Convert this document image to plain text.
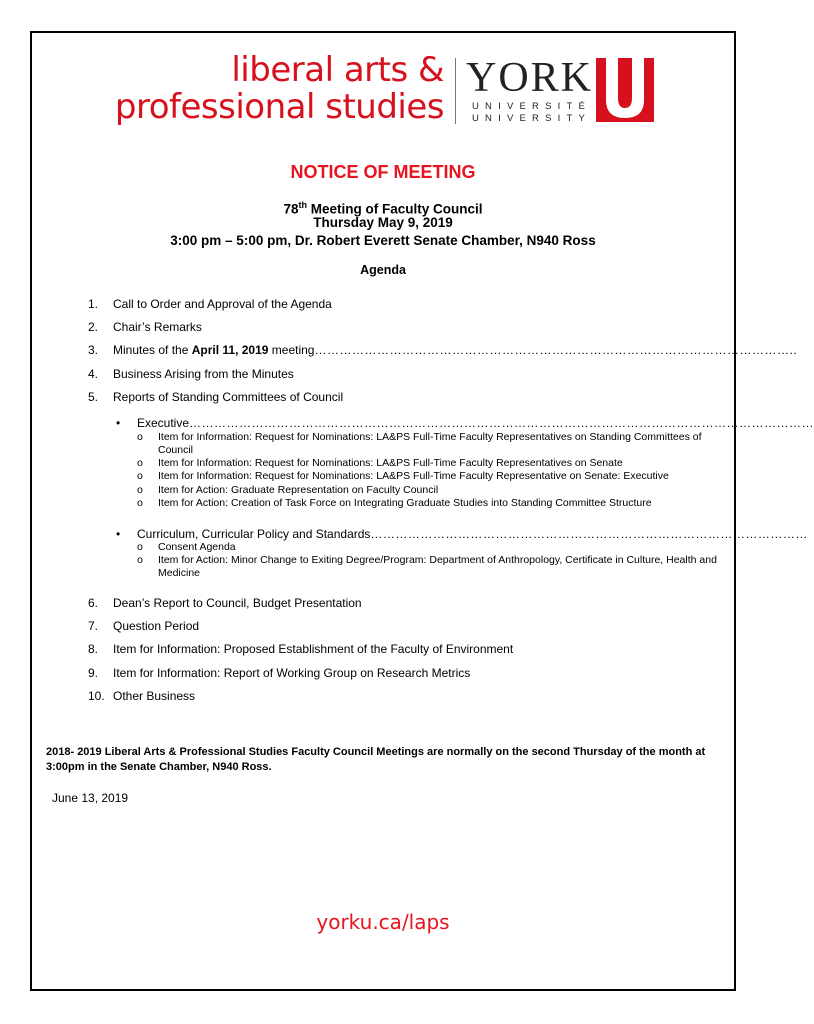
liberal arts &
professional studies
YORK
UNIVERSITÉ
UNIVERSITY
NOTICE OF MEETING
78th Meeting of Faculty Council
Thursday May 9, 2019
3:00 pm – 5:00 pm, Dr. Robert Everett Senate Chamber, N940 Ross
Agenda
1. Call to Order and Approval of the Agenda
2. Chair’s Remarks
3. Minutes of the April 11, 2019 meeting……………………………………………………………………………………………………..
4. Business Arising from the Minutes
5. Reports of Standing Committees of Council
• Executive……………………………………………………………………………………………………………………………………
o Item for Information: Request for Nominations: LA&PS Full-Time Faculty Representatives on Standing Committees of Council
o Item for Information: Request for Nominations: LA&PS Full-Time Faculty Representatives on Senate
o Item for Information: Request for Nominations: LA&PS Full-Time Faculty Representative on Senate: Executive
o Item for Action: Graduate Representation on Faculty Council
o Item for Action: Creation of Task Force on Integrating Graduate Studies into Standing Committee Structure
• Curriculum, Curricular Policy and Standards……………………………………………………………………………………………
o Consent Agenda
o Item for Action: Minor Change to Exiting Degree/Program: Department of Anthropology, Certificate in Culture, Health and Medicine
6. Dean’s Report to Council, Budget Presentation
7. Question Period
8. Item for Information: Proposed Establishment of the Faculty of Environment
9. Item for Information: Report of Working Group on Research Metrics
10. Other Business
2018- 2019 Liberal Arts & Professional Studies Faculty Council Meetings are normally on the second Thursday of the month at 3:00pm in the Senate Chamber, N940 Ross.
June 13, 2019
yorku.ca/laps
